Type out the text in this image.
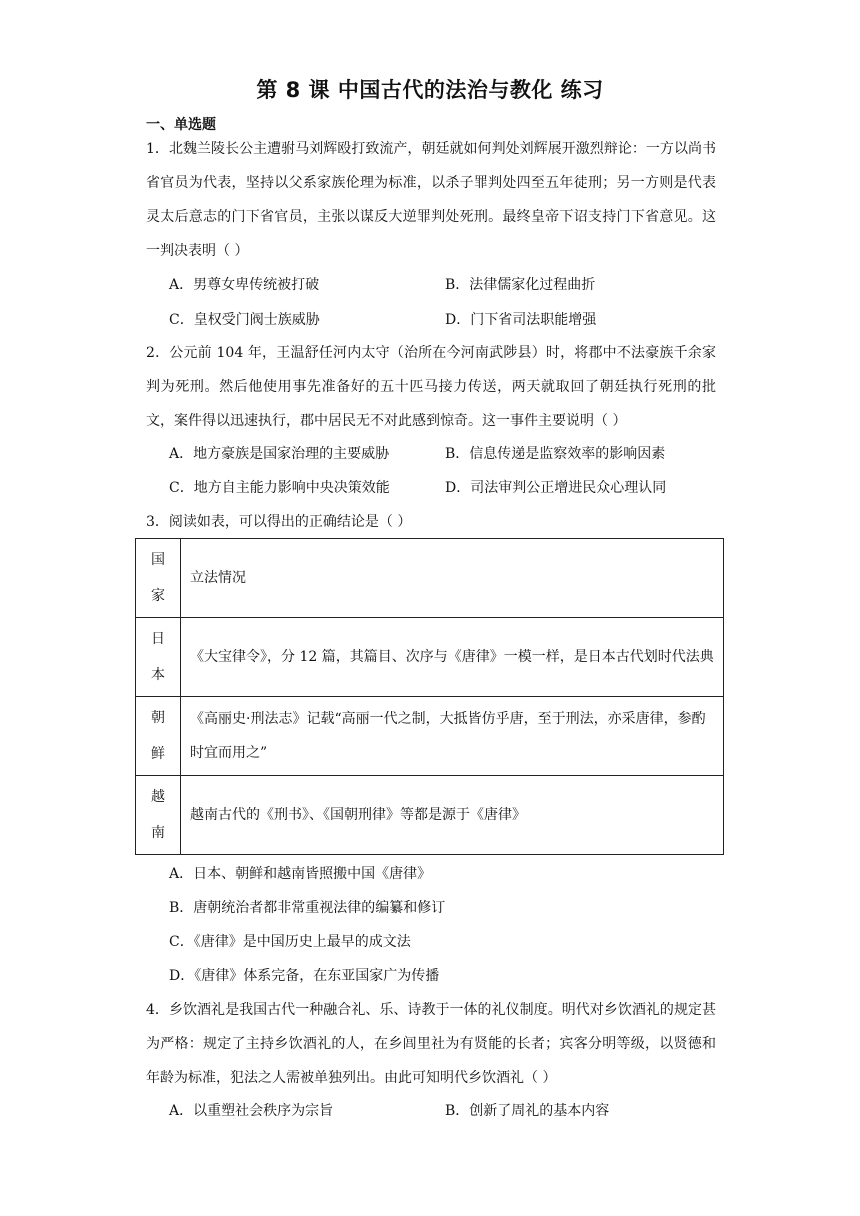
第 8 课 中国古代的法治与教化 练习
一、单选题
1．北魏兰陵长公主遭驸马刘辉殴打致流产，朝廷就如何判处刘辉展开激烈辩论：一方以尚书省官员为代表，坚持以父系家族伦理为标准，以杀子罪判处四至五年徒刑；另一方则是代表灵太后意志的门下省官员，主张以谋反大逆罪判处死刑。最终皇帝下诏支持门下省意见。这一判决表明（ ）
A．男尊女卑传统被打破	B．法律儒家化过程曲折
C．皇权受门阀士族威胁	D．门下省司法职能增强
2．公元前 104 年，王温舒任河内太守（治所在今河南武陟县）时，将郡中不法豪族千余家判为死刑。然后他使用事先准备好的五十匹马接力传送，两天就取回了朝廷执行死刑的批文，案件得以迅速执行，郡中居民无不对此感到惊奇。这一事件主要说明（ ）
A．地方豪族是国家治理的主要威胁	B．信息传递是监察效率的影响因素
C．地方自主能力影响中央决策效能	D．司法审判公正增进民众心理认同
3．阅读如表，可以得出的正确结论是（ ）
国
家	立法情况

日
本	《大宝律令》，分 12 篇，其篇目、次序与《唐律》一模一样，是日本古代划时代法典

朝
鲜	《高丽史·刑法志》记载“高丽一代之制，大抵皆仿乎唐，至于刑法，亦采唐律，参酌时宜而用之”

越
南	越南古代的《刑书》、《国朝刑律》等都是源于《唐律》
A．日本、朝鲜和越南皆照搬中国《唐律》
B．唐朝统治者都非常重视法律的编纂和修订
C．《唐律》是中国历史上最早的成文法
D．《唐律》体系完备，在东亚国家广为传播
4．乡饮酒礼是我国古代一种融合礼、乐、诗教于一体的礼仪制度。明代对乡饮酒礼的规定甚为严格：规定了主持乡饮酒礼的人，在乡闾里社为有贤能的长者；宾客分明等级，以贤德和年龄为标准，犯法之人需被单独列出。由此可知明代乡饮酒礼（ ）
A．以重塑社会秩序为宗旨	B．创新了周礼的基本内容
